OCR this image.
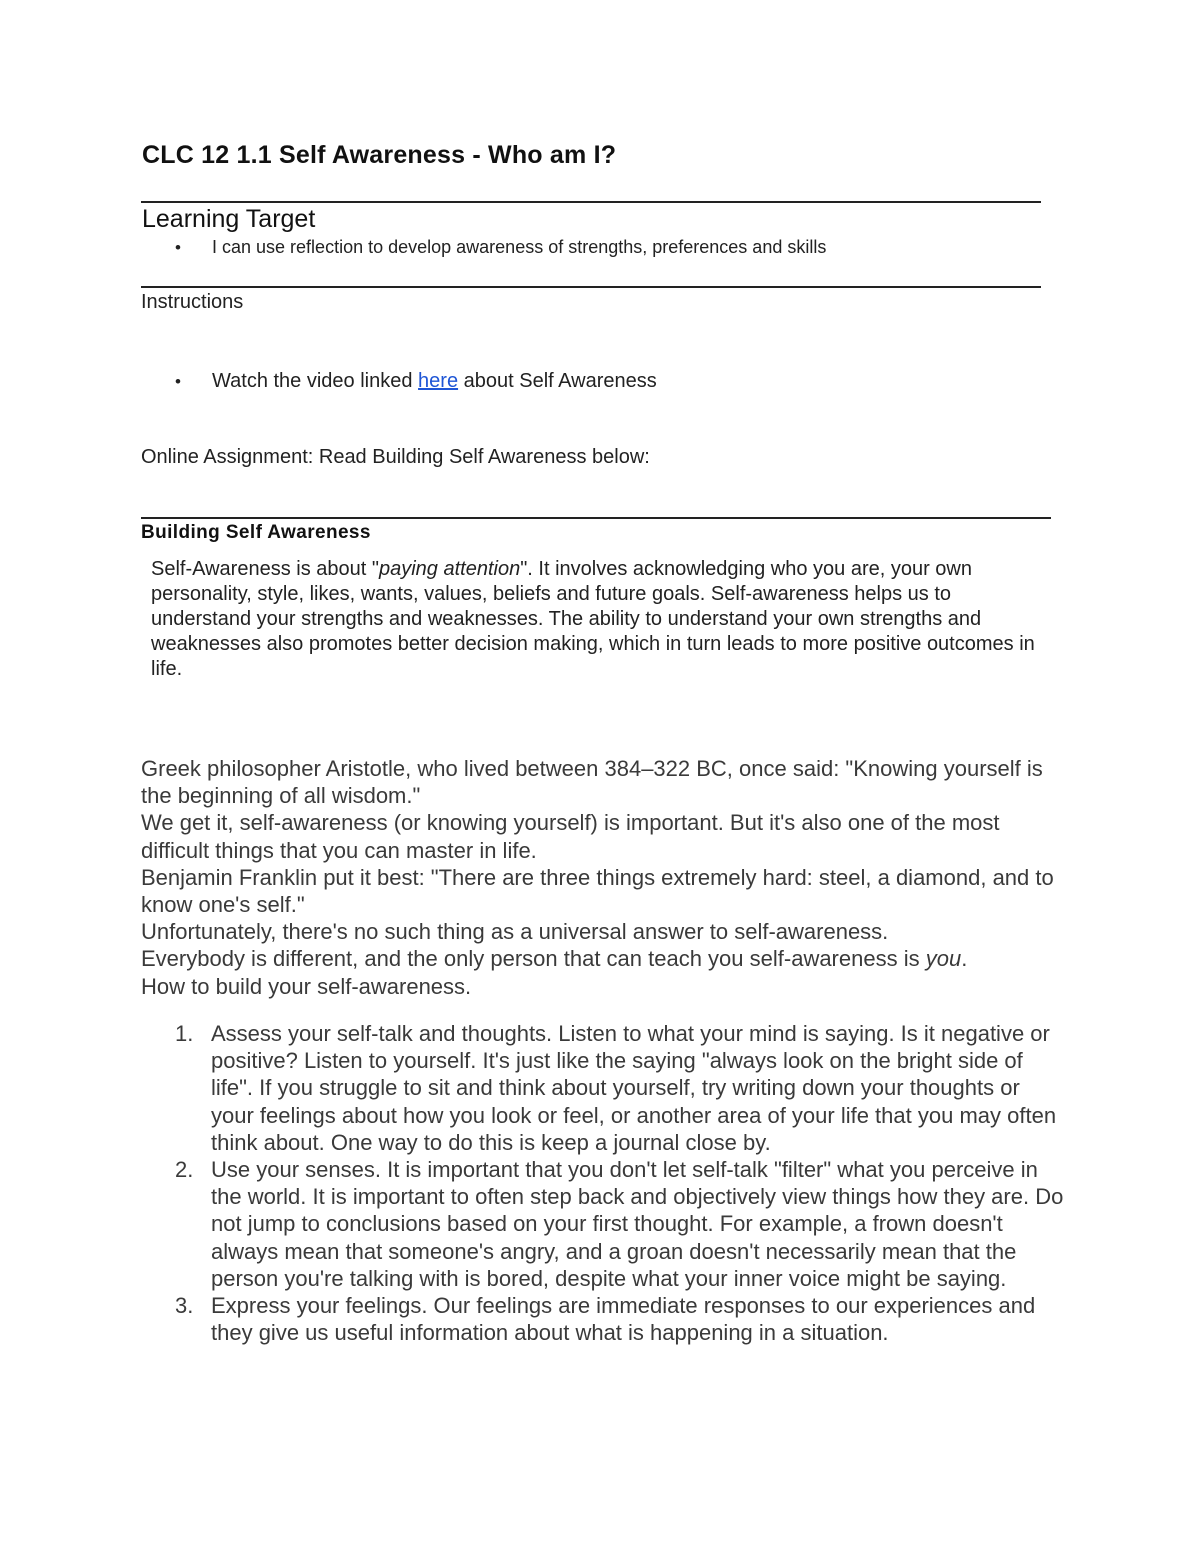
CLC 12 1.1 Self Awareness - Who am I?
Learning Target
• I can use reflection to develop awareness of strengths, preferences and skills
Instructions
• Watch the video linked here about Self Awareness
Online Assignment: Read Building Self Awareness below:
Building Self Awareness

Self-Awareness is about "paying attention". It involves acknowledging who you are, your own personality, style, likes, wants, values, beliefs and future goals. Self-awareness helps us to understand your strengths and weaknesses. The ability to understand your own strengths and weaknesses also promotes better decision making, which in turn leads to more positive outcomes in life.

Greek philosopher Aristotle, who lived between 384–322 BC, once said: "Knowing yourself is the beginning of all wisdom."

We get it, self-awareness (or knowing yourself) is important. But it's also one of the most difficult things that you can master in life.

Benjamin Franklin put it best: "There are three things extremely hard: steel, a diamond, and to know one's self."

Unfortunately, there's no such thing as a universal answer to self-awareness.

Everybody is different, and the only person that can teach you self-awareness is you.

How to build your self-awareness.

1. Assess your self-talk and thoughts. Listen to what your mind is saying. Is it negative or positive? Listen to yourself. It's just like the saying "always look on the bright side of life". If you struggle to sit and think about yourself, try writing down your thoughts or your feelings about how you look or feel, or another area of your life that you may often think about. One way to do this is keep a journal close by.
2. Use your senses. It is important that you don't let self-talk "filter" what you perceive in the world. It is important to often step back and objectively view things how they are. Do not jump to conclusions based on your first thought. For example, a frown doesn't always mean that someone's angry, and a groan doesn't necessarily mean that the person you're talking with is bored, despite what your inner voice might be saying.
3. Express your feelings. Our feelings are immediate responses to our experiences and they give us useful information about what is happening in a situation.
